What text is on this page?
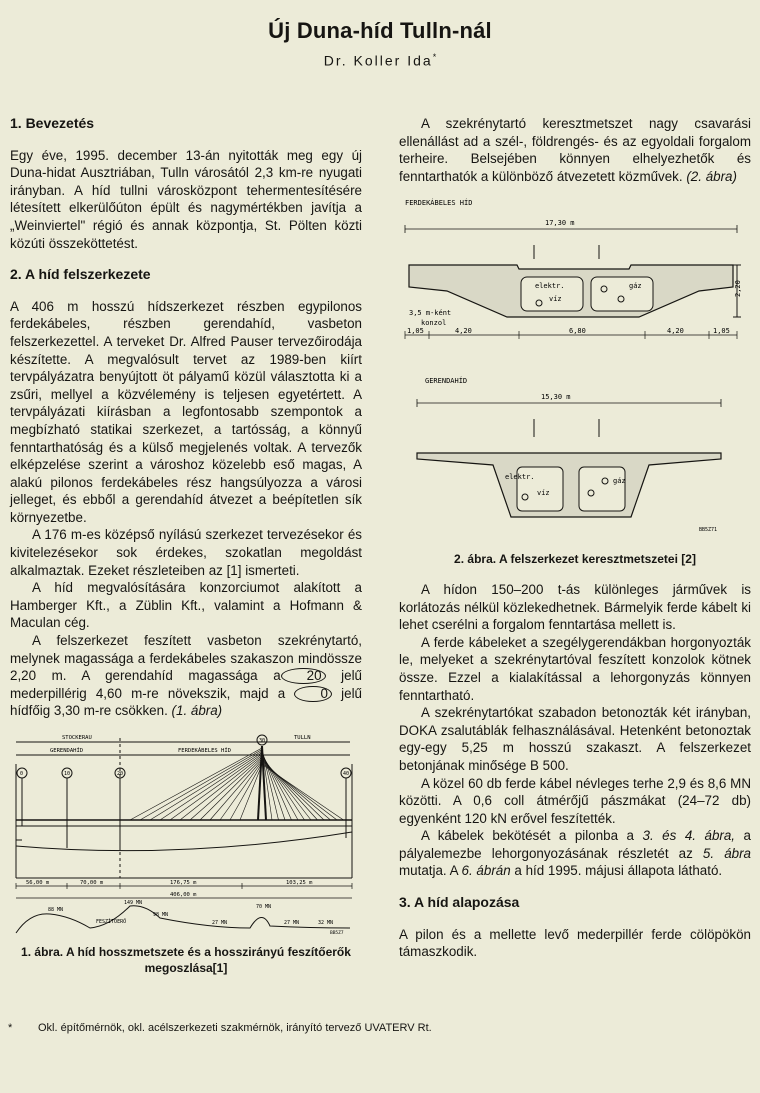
Új Duna-híd Tulln-nál
Dr. Koller Ida*
1. Bevezetés

Egy éve, 1995. december 13-án nyitották meg egy új Duna-hidat Ausztriában, Tulln városától 2,3 km-re nyugati irányban. A híd tullni városközpont tehermentesítésére létesített elkerülőúton épült és nagymértékben javítja a „Weinviertel" régió és annak központja, St. Pölten közti közúti összeköttetést.

2. A híd felszerkezete

A 406 m hosszú hídszerkezet részben egypilonos ferdekábeles, részben gerendahíd, vasbeton felszerkezettel. A terveket Dr. Alfred Pauser tervezőirodája készítette. A megvalósult tervet az 1989-ben kiírt tervpályázatra benyújtott öt pályamű közül választotta ki a zsűri, mellyel a közvélemény is teljesen egyetértett. A tervpályázati kiírásban a legfontosabb szempontok a megbízható statikai szerkezet, a tartósság, a könnyű fenntarthatóság és a külső megjelenés voltak. A tervezők elképzelése szerint a városhoz közelebb eső magas, A alakú pilonos ferdekábeles rész hangsúlyozza a városi jelleget, és ebből a gerendahíd átvezet a beépítetlen sík környezetbe.

A 176 m-es középső nyílású szerkezet tervezésekor és kivitelezésekor sok érdekes, szokatlan megoldást alkalmaztak. Ezeket részleteiben az [1] ismerteti.

A híd megvalósítására konzorciumot alakított a Hamberger Kft., a Züblin Kft., valamint a Hofmann & Maculan cég.

A felszerkezet feszített vasbeton szekrénytartó, melynek magassága a ferdekábeles szakaszon mindössze 2,20 m. A gerendahíd magassága a 20 jelű mederpillérig 4,60 m-re növekszik, majd a	0 jelű hídfőig 3,30 m-re csökken. (1. ábra)

STOCKERAU	TULLN
GERENDAHÍD	FERDEKÁBELES HÍD
30
0	10	20	40
56,00 m	70,00 m	176,75 m	103,25 m
406,00 m
88 MN
149 MN
98 MN
27 MN
70 MN
27 MN	32 MN
FESZÍTŐERŐ
BB5Z7
1. ábra. A híd hosszmetszete és a hosszirányú feszítőerők megoszlása[1]

A szekrénytartó keresztmetszet nagy csavarási ellenállást ad a szél-, földrengés- és az egyoldali forgalom terheire. Belsejében könnyen elhelyezhetők és fenntarthatók a különböző átvezetett közművek. (2. ábra)

FERDEKÁBELES HÍD
17,30 m
elektr.
víz
gáz	2,20
3,5 m-ként
konzol
1,05	4,20	6,80	4,20	1,05
GERENDAHÍD
15,30 m
elektr.
víz
gáz
BB5Z71
2. ábra. A felszerkezet keresztmetszetei [2]

A hídon 150–200 t-ás különleges járművek is korlátozás nélkül közlekedhetnek. Bármelyik ferde kábelt ki lehet cserélni a forgalom fenntartása mellett is.

A ferde kábeleket a szegélygerendákban horgonyozták le, melyeket a szekrénytartóval feszített konzolok kötnek össze. Ezzel a kialakítással a lehorgonyzás könnyen fenntartható.

A szekrénytartókat szabadon betonozták két irányban, DOKA zsalutáblák felhasználásával. Hetenként betonoztak egy-egy 5,25 m hosszú szakaszt. A felszerkezet betonjának minősége B 500.

A közel 60 db ferde kábel névleges terhe 2,9 és 8,6 MN közötti. A 0,6 coll átmérőjű pászmákat (24–72 db) egyenként 120 kN erővel feszítették.

A kábelek bekötését a pilonba a 3. és 4. ábra, a pályalemezbe lehorgonyozásának részletét az 5. ábra mutatja. A 6. ábrán a híd 1995. májusi állapota látható.

3. A híd alapozása

A pilon és a mellette levő mederpillér ferde cölöpökön támaszkodik.

* Okl. építőmérnök, okl. acélszerkezeti szakmérnök, irányító tervező UVATERV Rt.
